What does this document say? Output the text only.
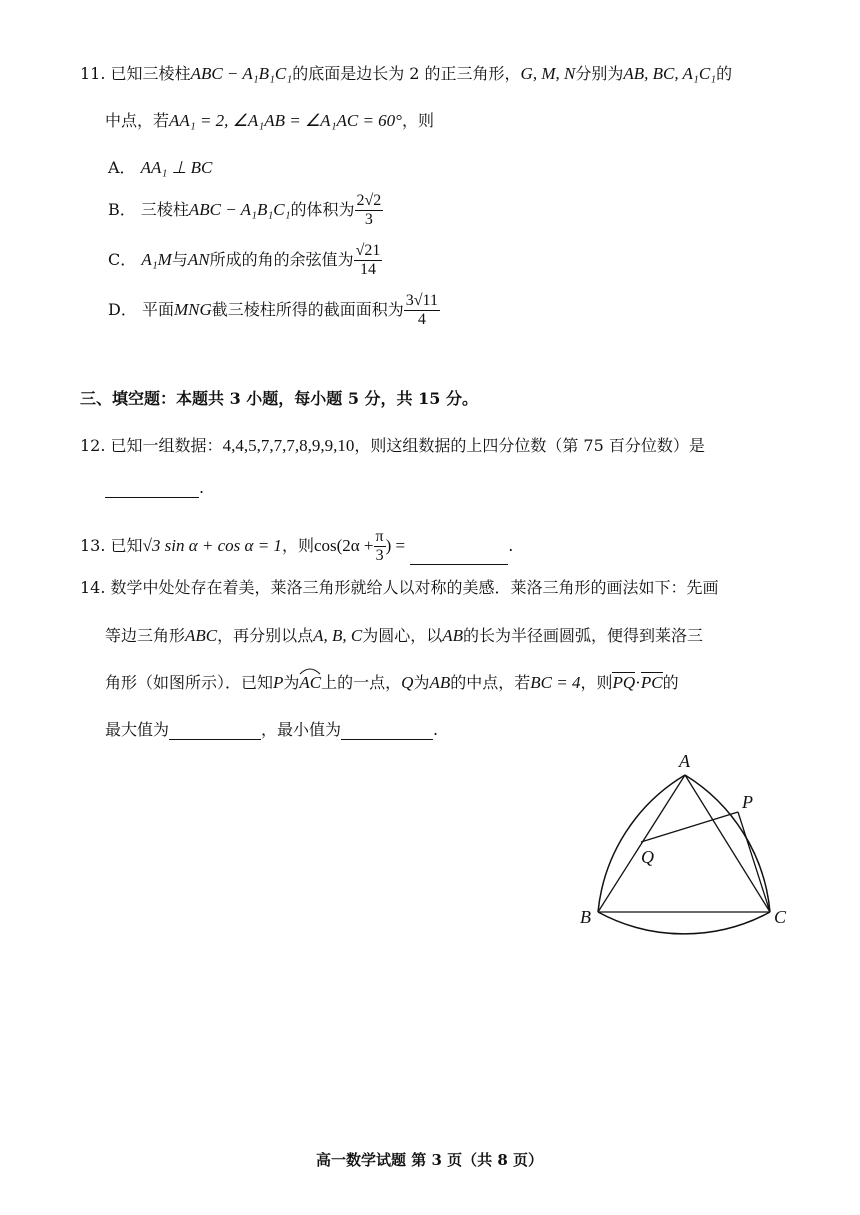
11. 已知三棱柱ABC − A₁B₁C₁的底面是边长为 2 的正三角形，G, M, N分别为AB, BC, A₁C₁的
中点，若AA₁ = 2, ∠A₁AB = ∠A₁AC = 60°，则
A． AA₁ ⊥ BC
B． 三棱柱ABC − A₁B₁C₁的体积为 $\frac{2√2}{3}$
C． A₁M与AN所成的角的余弦值为 $\frac{√21}{14}$
D． 平面MNG截三棱柱所得的截面面积为 $\frac{3√11}{4}$
三、填空题：本题共 3 小题，每小题 5 分，共 15 分。
12. 已知一组数据：4,4,5,7,7,7,8,9,9,10，则这组数据的上四分位数（第 75 百分位数）是
.
13. 已知√3 sin α + cos α = 1，则$\cos(2\alpha + \frac{\pi}{3}$ ) =	.
14. 数学中处处存在着美，莱洛三角形就给人以对称的美感．莱洛三角形的画法如下：先画
等边三角形ABC，再分别以点A, B, C为圆心，以AB的长为半径画圆弧，便得到莱洛三
角形（如图所示）．已知P为AC
上的一点，Q为AB的中点，若BC = 4，则PQ·PC的
最大值为	，最小值为	.
A
P
Q
B	C
高一数学试题 第 3 页（共 8 页）
